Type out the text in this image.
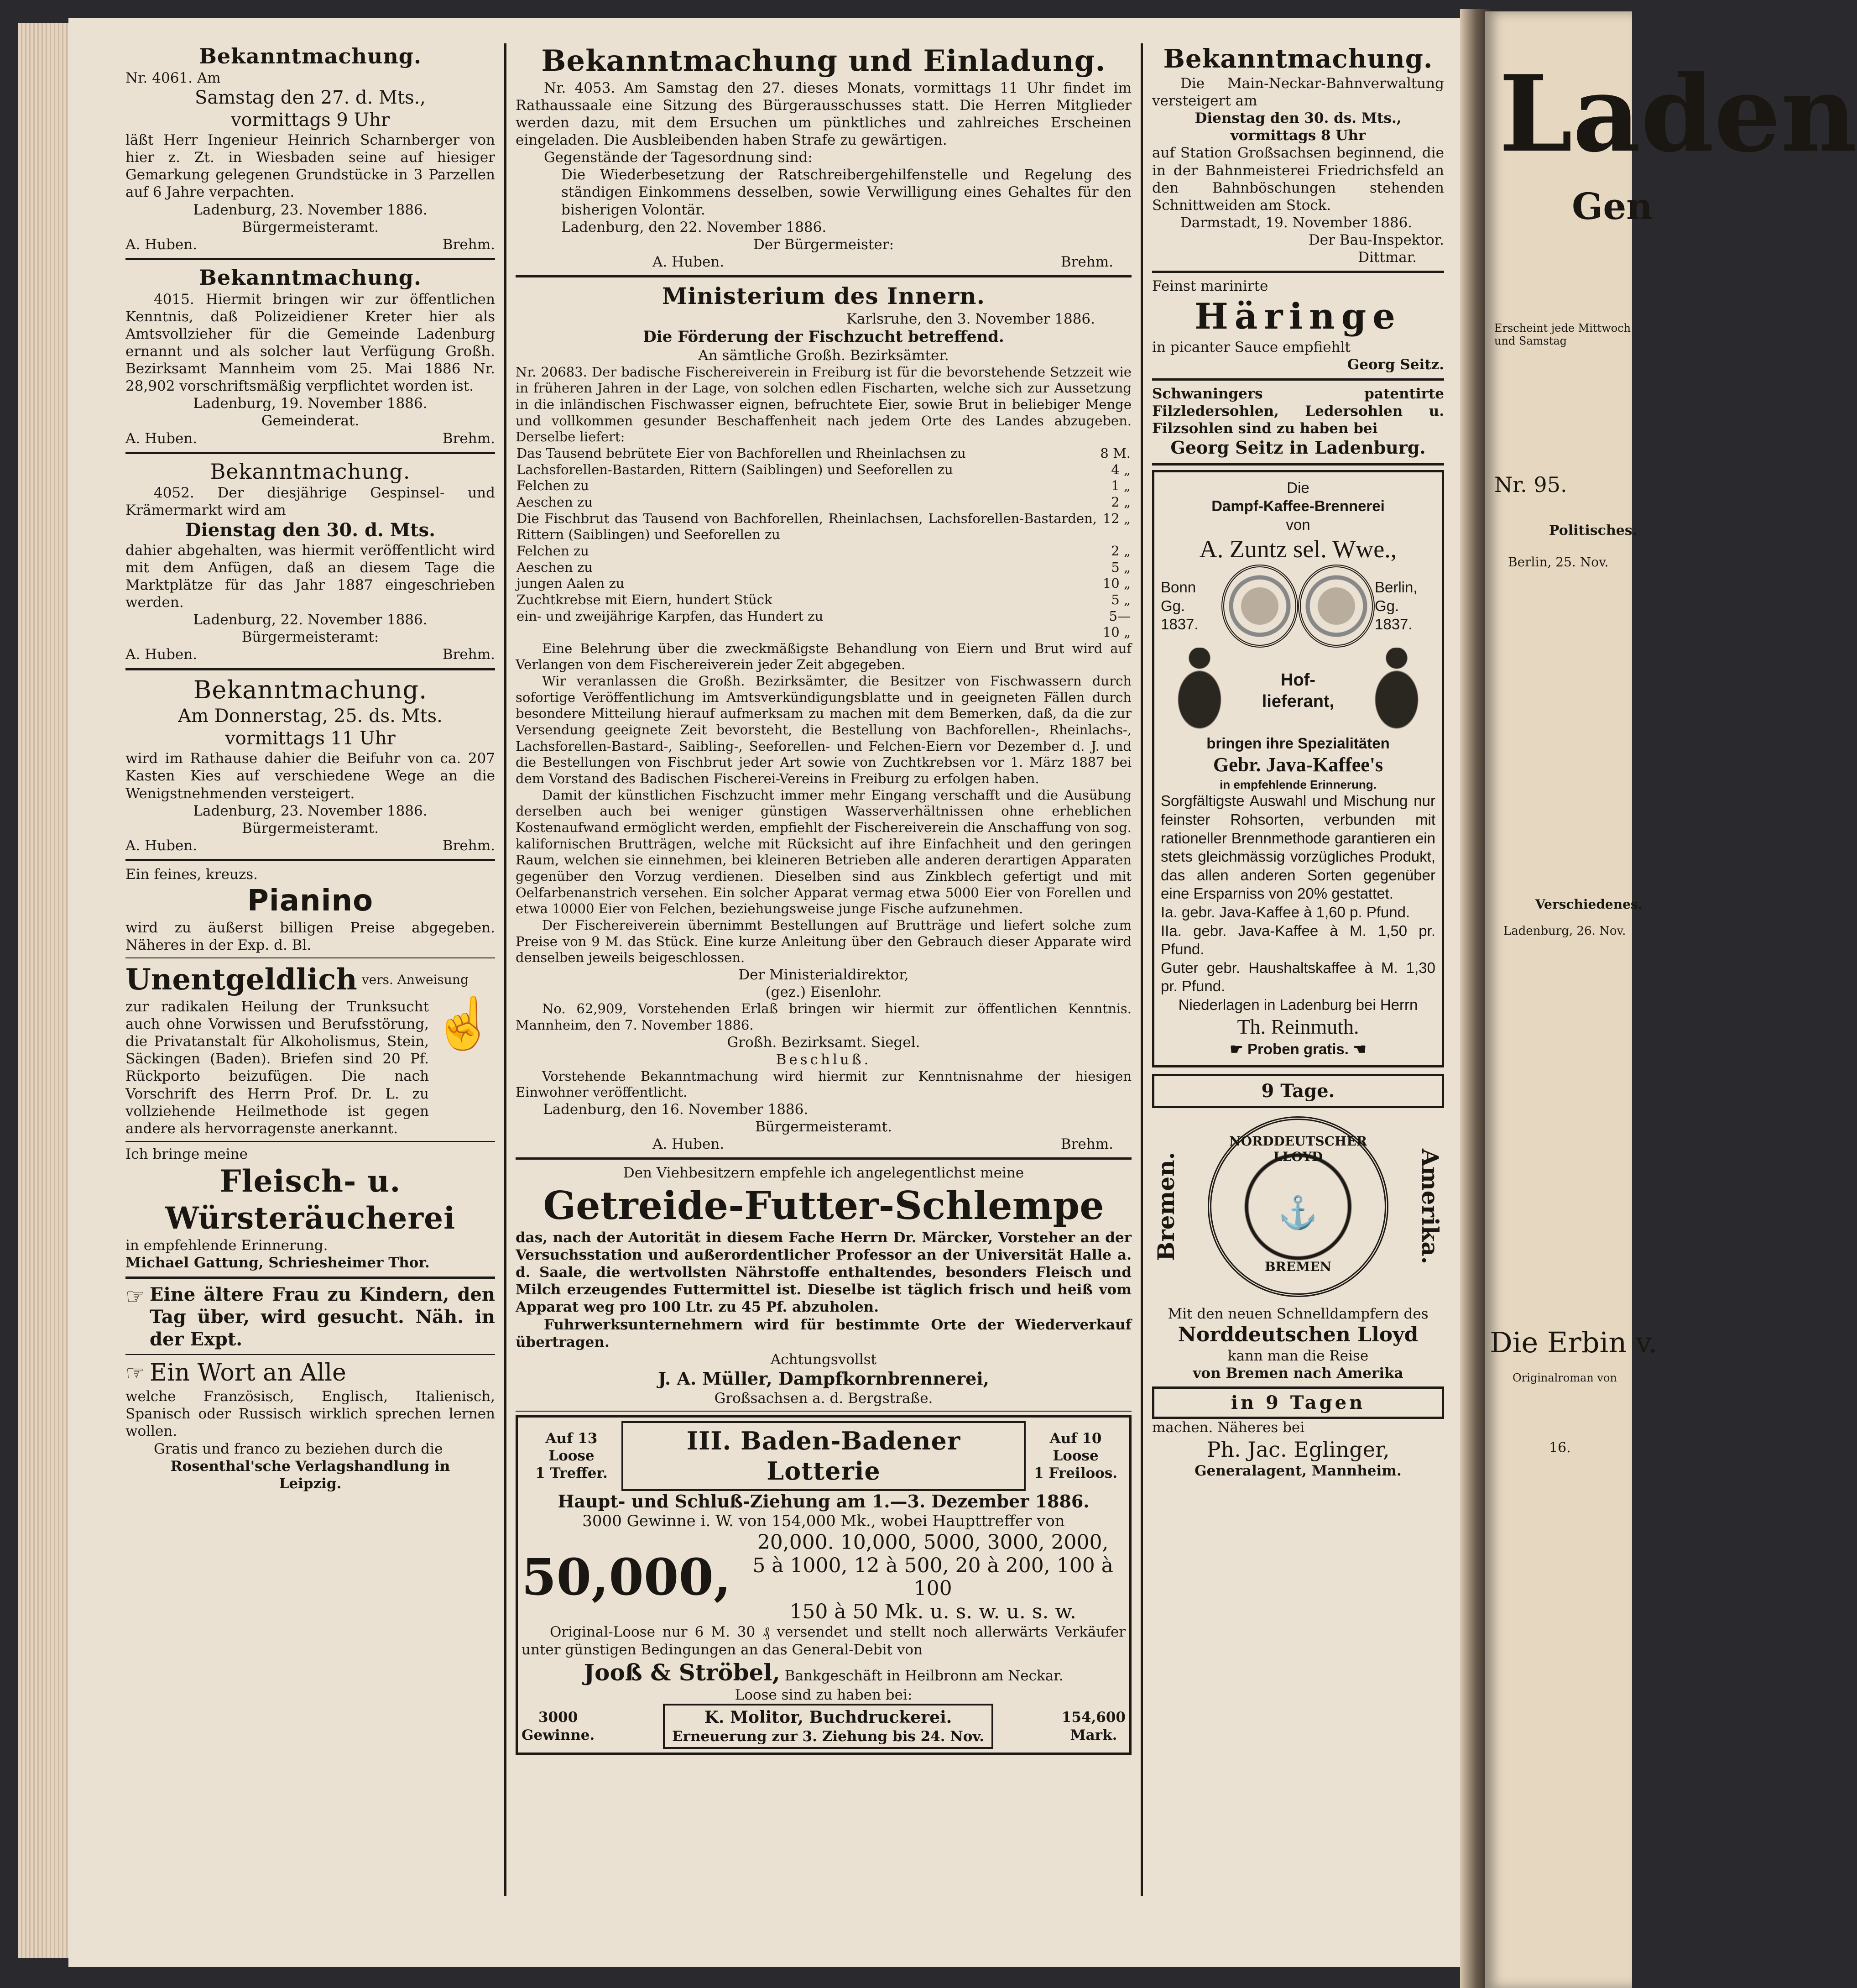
Bekanntmachung.
Nr. 4061. Am
Samstag den 27. d. Mts.,
vormittags 9 Uhr
läßt Herr Ingenieur Heinrich Scharnberger von hier z. Zt. in Wiesbaden seine auf hiesiger Gemarkung gelegenen Grundstücke in 3 Parzellen auf 6 Jahre verpachten.
Ladenburg, 23. November 1886.
Bürgermeisteramt.
A. Huben.	Brehm.
Bekanntmachung.
4015. Hiermit bringen wir zur öffentlichen Kenntnis, daß Polizeidiener Kreter hier als Amtsvollzieher für die Gemeinde Ladenburg ernannt und als solcher laut Verfügung Großh. Bezirksamt Mannheim vom 25. Mai 1886 Nr. 28,902 vorschriftsmäßig verpflichtet worden ist.
Ladenburg, 19. November 1886.
Gemeinderat.
A. Huben.	Brehm.
Bekanntmachung.
4052. Der diesjährige Gespinsel- und Krämermarkt wird am
Dienstag den 30. d. Mts.
dahier abgehalten, was hiermit veröffentlicht wird mit dem Anfügen, daß an diesem Tage die Marktplätze für das Jahr 1887 eingeschrieben werden.
Ladenburg, 22. November 1886.
Bürgermeisteramt:
A. Huben.	Brehm.
Bekanntmachung.
Am Donnerstag, 25. ds. Mts.
vormittags 11 Uhr
wird im Rathause dahier die Beifuhr von ca. 207 Kasten Kies auf verschiedene Wege an die Wenigstnehmenden versteigert.
Ladenburg, 23. November 1886.
Bürgermeisteramt.
A. Huben.	Brehm.
Ein feines, kreuzs.
Pianino
wird zu äußerst billigen Preise abgegeben. Näheres in der Exp. d. Bl.
Unentgeldlich vers. Anweisung
zur radikalen Heilung der Trunksucht auch ohne Vorwissen und Berufsstörung, die Privatanstalt für Alkoholismus, Stein, Säckingen (Baden). Briefen sind 20 Pf. Rückporto beizufügen. Die nach Vorschrift des Herrn Prof. Dr. L. zu vollziehende Heilmethode ist gegen andere als hervorragenste anerkannt.
☝
Ich bringe meine
Fleisch- u.
Würsteräucherei
in empfehlende Erinnerung.
Michael Gattung, Schriesheimer Thor.
☞ Eine ältere Frau zu Kindern, den Tag über, wird gesucht. Näh. in der Expt.
☞ Ein Wort an Alle
welche Französisch, Englisch, Italienisch, Spanisch oder Russisch wirklich sprechen lernen wollen.
Gratis und franco zu beziehen durch die
Rosenthal'sche Verlagshandlung in
Leipzig.
Bekanntmachung und Einladung.
Nr. 4053. Am Samstag den 27. dieses Monats, vormittags 11 Uhr findet im Rathaussaale eine Sitzung des Bürgerausschusses statt. Die Herren Mitglieder werden dazu, mit dem Ersuchen um pünktliches und zahlreiches Erscheinen eingeladen. Die Ausbleibenden haben Strafe zu gewärtigen.
Gegenstände der Tagesordnung sind:
Die Wiederbesetzung der Ratschreibergehilfenstelle und Regelung des ständigen Einkommens desselben, sowie Verwilligung eines Gehaltes für den bisherigen Volontär.
Ladenburg, den 22. November 1886.
Der Bürgermeister:
A. Huben.	Brehm.
Ministerium des Innern.
Karlsruhe, den 3. November 1886.
Die Förderung der Fischzucht betreffend.
An sämtliche Großh. Bezirksämter.
Nr. 20683. Der badische Fischereiverein in Freiburg ist für die bevorstehende Setzzeit wie in früheren Jahren in der Lage, von solchen edlen Fischarten, welche sich zur Aussetzung in die inländischen Fischwasser eignen, befruchtete Eier, sowie Brut in beliebiger Menge und vollkommen gesunder Beschaffenheit nach jedem Orte des Landes abzugeben. Derselbe liefert:
Das Tausend bebrütete Eier von Bachforellen und Rheinlachsen zu	8 M.
Lachsforellen-Bastarden, Rittern (Saiblingen) und Seeforellen zu	4 „
Felchen zu	1 „
Aeschen zu	2 „
Die Fischbrut das Tausend von Bachforellen, Rheinlachsen, Lachsforellen-Bastarden, Rittern (Saiblingen) und Seeforellen zu	12 „
Felchen zu	2 „
Aeschen zu	5 „
jungen Aalen zu	10 „
Zuchtkrebse mit Eiern, hundert Stück	5 „
ein- und zweijährige Karpfen, das Hundert zu	5—10 „
Eine Belehrung über die zweckmäßigste Behandlung von Eiern und Brut wird auf Verlangen von dem Fischereiverein jeder Zeit abgegeben.
Wir veranlassen die Großh. Bezirksämter, die Besitzer von Fischwassern durch sofortige Veröffentlichung im Amtsverkündigungsblatte und in geeigneten Fällen durch besondere Mitteilung hierauf aufmerksam zu machen mit dem Bemerken, daß, da die zur Versendung geeignete Zeit bevorsteht, die Bestellung von Bachforellen-, Rheinlachs-, Lachsforellen-Bastard-, Saibling-, Seeforellen- und Felchen-Eiern vor Dezember d. J. und die Bestellungen von Fischbrut jeder Art sowie von Zuchtkrebsen vor 1. März 1887 bei dem Vorstand des Badischen Fischerei-Vereins in Freiburg zu erfolgen haben.
Damit der künstlichen Fischzucht immer mehr Eingang verschafft und die Ausübung derselben auch bei weniger günstigen Wasserverhältnissen ohne erheblichen Kostenaufwand ermöglicht werden, empfiehlt der Fischereiverein die Anschaffung von sog. kalifornischen Brutträgen, welche mit Rücksicht auf ihre Einfachheit und den geringen Raum, welchen sie einnehmen, bei kleineren Betrieben alle anderen derartigen Apparaten gegenüber den Vorzug verdienen. Dieselben sind aus Zinkblech gefertigt und mit Oelfarbenanstrich versehen. Ein solcher Apparat vermag etwa 5000 Eier von Forellen und etwa 10000 Eier von Felchen, beziehungsweise junge Fische aufzunehmen.
Der Fischereiverein übernimmt Bestellungen auf Brutträge und liefert solche zum Preise von 9 M. das Stück. Eine kurze Anleitung über den Gebrauch dieser Apparate wird denselben jeweils beigeschlossen.
Der Ministerialdirektor,
(gez.) Eisenlohr.
No. 62,909, Vorstehenden Erlaß bringen wir hiermit zur öffentlichen Kenntnis. Mannheim, den 7. November 1886.
Großh. Bezirksamt. Siegel.
Beschluß.
Vorstehende Bekanntmachung wird hiermit zur Kenntnisnahme der hiesigen Einwohner veröffentlicht.
Ladenburg, den 16. November 1886.
Bürgermeisteramt.
A. Huben.	Brehm.
Den Viehbesitzern empfehle ich angelegentlichst meine
Getreide-Futter-Schlempe
das, nach der Autorität in diesem Fache Herrn Dr. Märcker, Vorsteher an der Versuchsstation und außerordentlicher Professor an der Universität Halle a. d. Saale, die wertvollsten Nährstoffe enthaltendes, besonders Fleisch und Milch erzeugendes Futtermittel ist. Dieselbe ist täglich frisch und heiß vom Apparat weg pro 100 Ltr. zu 45 Pf. abzuholen.
Fuhrwerksunternehmern wird für bestimmte Orte der Wiederverkauf übertragen.
Achtungsvollst
J. A. Müller, Dampfkornbrennerei,
Großsachsen a. d. Bergstraße.
Auf 13 Loose
1 Treffer.
III. Baden-Badener Lotterie
Auf 10 Loose
1 Freiloos.
Haupt- und Schluß-Ziehung am 1.—3. Dezember 1886.
3000 Gewinne i. W. von 154,000 Mk., wobei Haupttreffer von
50,000,
20,000. 10,000, 5000, 3000, 2000,
5 à 1000, 12 à 500, 20 à 200, 100 à 100
150 à 50 Mk. u. s. w. u. s. w.
Original-Loose nur 6 M. 30 ₰ versendet und stellt noch allerwärts Verkäufer unter günstigen Bedingungen an das General-Debit von
Jooß & Ströbel, Bankgeschäft in Heilbronn am Neckar.
Loose sind zu haben bei:
3000
Gewinne.
K. Molitor, Buchdruckerei.
Erneuerung zur 3. Ziehung bis 24. Nov.
154,600
Mark.
Bekanntmachung.
Die Main-Neckar-Bahnverwaltung versteigert am
Dienstag den 30. ds. Mts.,
vormittags 8 Uhr
auf Station Großsachsen beginnend, die in der Bahnmeisterei Friedrichsfeld an den Bahnböschungen stehenden Schnittweiden am Stock.
Darmstadt, 19. November 1886.
Der Bau-Inspektor.
Dittmar.
Feinst marinirte
Häringe
in picanter Sauce empfiehlt
Georg Seitz.
Schwaningers patentirte Filzledersohlen, Ledersohlen u. Filzsohlen sind zu haben bei
Georg Seitz in Ladenburg.
Die
Dampf-Kaffee-Brennerei
von
A. Zuntz sel. Wwe.,
Bonn
Gg. 1837.
Berlin,
Gg. 1837.
Hof-lieferant,
bringen ihre Spezialitäten
Gebr. Java-Kaffee's
in empfehlende Erinnerung.
Sorgfältigste Auswahl und Mischung nur feinster Rohsorten, verbunden mit rationeller Brennmethode garantieren ein stets gleichmässig vorzügliches Produkt, das allen anderen Sorten gegenüber eine Ersparniss von 20% gestattet.
Ia. gebr. Java-Kaffee à 1,60 p. Pfund.
IIa. gebr. Java-Kaffee à M. 1,50 pr. Pfund.
Guter gebr. Haushaltskaffee à M. 1,30 pr. Pfund.
Niederlagen in Ladenburg bei Herrn
Th. Reinmuth.
☛ Proben gratis. ☚
9 Tage.
Bremen.
NORDDEUTSCHER LLOYD
⚓
BREMEN
Amerika.
Mit den neuen Schnelldampfern des
Norddeutschen Lloyd
kann man die Reise
von Bremen nach Amerika
in 9 Tagen
machen. Näheres bei
Ph. Jac. Eglinger,
Generalagent, Mannheim.
Laden
Gen
Erscheint jede Mittwoch und Samstag
Nr. 95.
Politisches.
Berlin, 25. Nov.
Verschiedenes.
Ladenburg, 26. Nov.
Die Erbin v.
Originalroman von
16.
